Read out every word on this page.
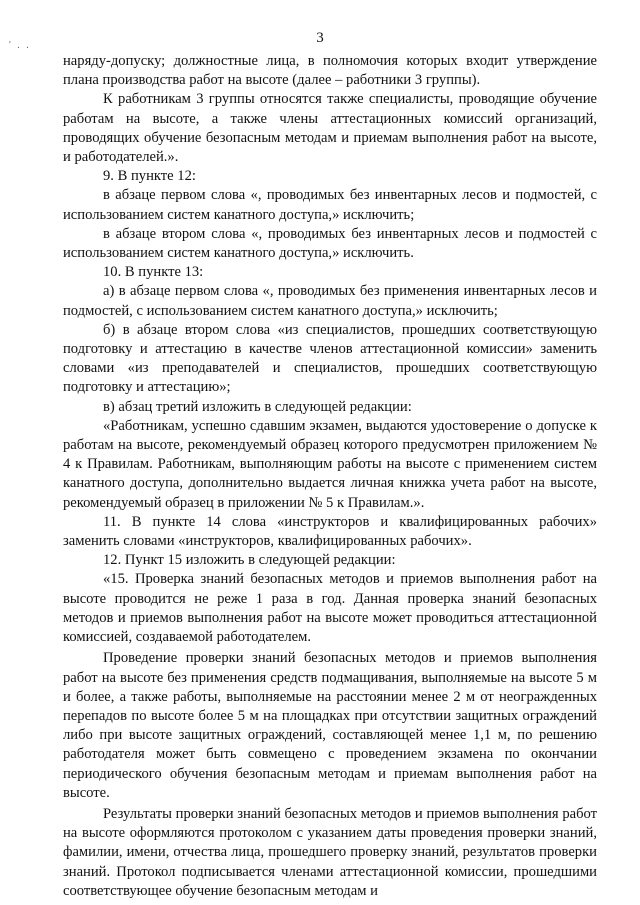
' . .	3

наряду-допуску; должностные лица, в полномочия которых входит утверждение плана производства работ на высоте (далее – работники 3 группы).

К работникам 3 группы относятся также специалисты, проводящие обучение работам на высоте, а также члены аттестационных комиссий организаций, проводящих обучение безопасным методам и приемам выполнения работ на высоте, и работодателей.».

9. В пункте 12:

в абзаце первом слова «, проводимых без инвентарных лесов и подмостей, с использованием систем канатного доступа,» исключить;

в абзаце втором слова «, проводимых без инвентарных лесов и подмостей с использованием систем канатного доступа,» исключить.

10. В пункте 13:

а) в абзаце первом слова «, проводимых без применения инвентарных лесов и подмостей, с использованием систем канатного доступа,» исключить;

б) в абзаце втором слова «из специалистов, прошедших соответствующую подготовку и аттестацию в качестве членов аттестационной комиссии» заменить словами «из преподавателей и специалистов, прошедших соответствующую подготовку и аттестацию»;

в) абзац третий изложить в следующей редакции:

«Работникам, успешно сдавшим экзамен, выдаются удостоверение о допуске к работам на высоте, рекомендуемый образец которого предусмотрен приложением № 4 к Правилам. Работникам, выполняющим работы на высоте с применением систем канатного доступа, дополнительно выдается личная книжка учета работ на высоте, рекомендуемый образец в приложении № 5 к Правилам.».

11. В пункте 14 слова «инструкторов и квалифицированных рабочих» заменить словами «инструкторов, квалифицированных рабочих».

12. Пункт 15 изложить в следующей редакции:

«15. Проверка знаний безопасных методов и приемов выполнения работ на высоте проводится не реже 1 раза в год. Данная проверка знаний безопасных методов и приемов выполнения работ на высоте может проводиться аттестационной комиссией, создаваемой работодателем.

Проведение проверки знаний безопасных методов и приемов выполнения работ на высоте без применения средств подмащивания, выполняемые на высоте 5 м и более, а также работы, выполняемые на расстоянии менее 2 м от неогражденных перепадов по высоте более 5 м на площадках при отсутствии защитных ограждений либо при высоте защитных ограждений, составляющей менее 1,1 м, по решению работодателя может быть совмещено с проведением экзамена по окончании периодического обучения безопасным методам и приемам выполнения работ на высоте.

Результаты проверки знаний безопасных методов и приемов выполнения работ на высоте оформляются протоколом с указанием даты проведения проверки знаний, фамилии, имени, отчества лица, прошедшего проверку знаний, результатов проверки знаний. Протокол подписывается членами аттестационной комиссии, прошедшими соответствующее обучение безопасным методам и
